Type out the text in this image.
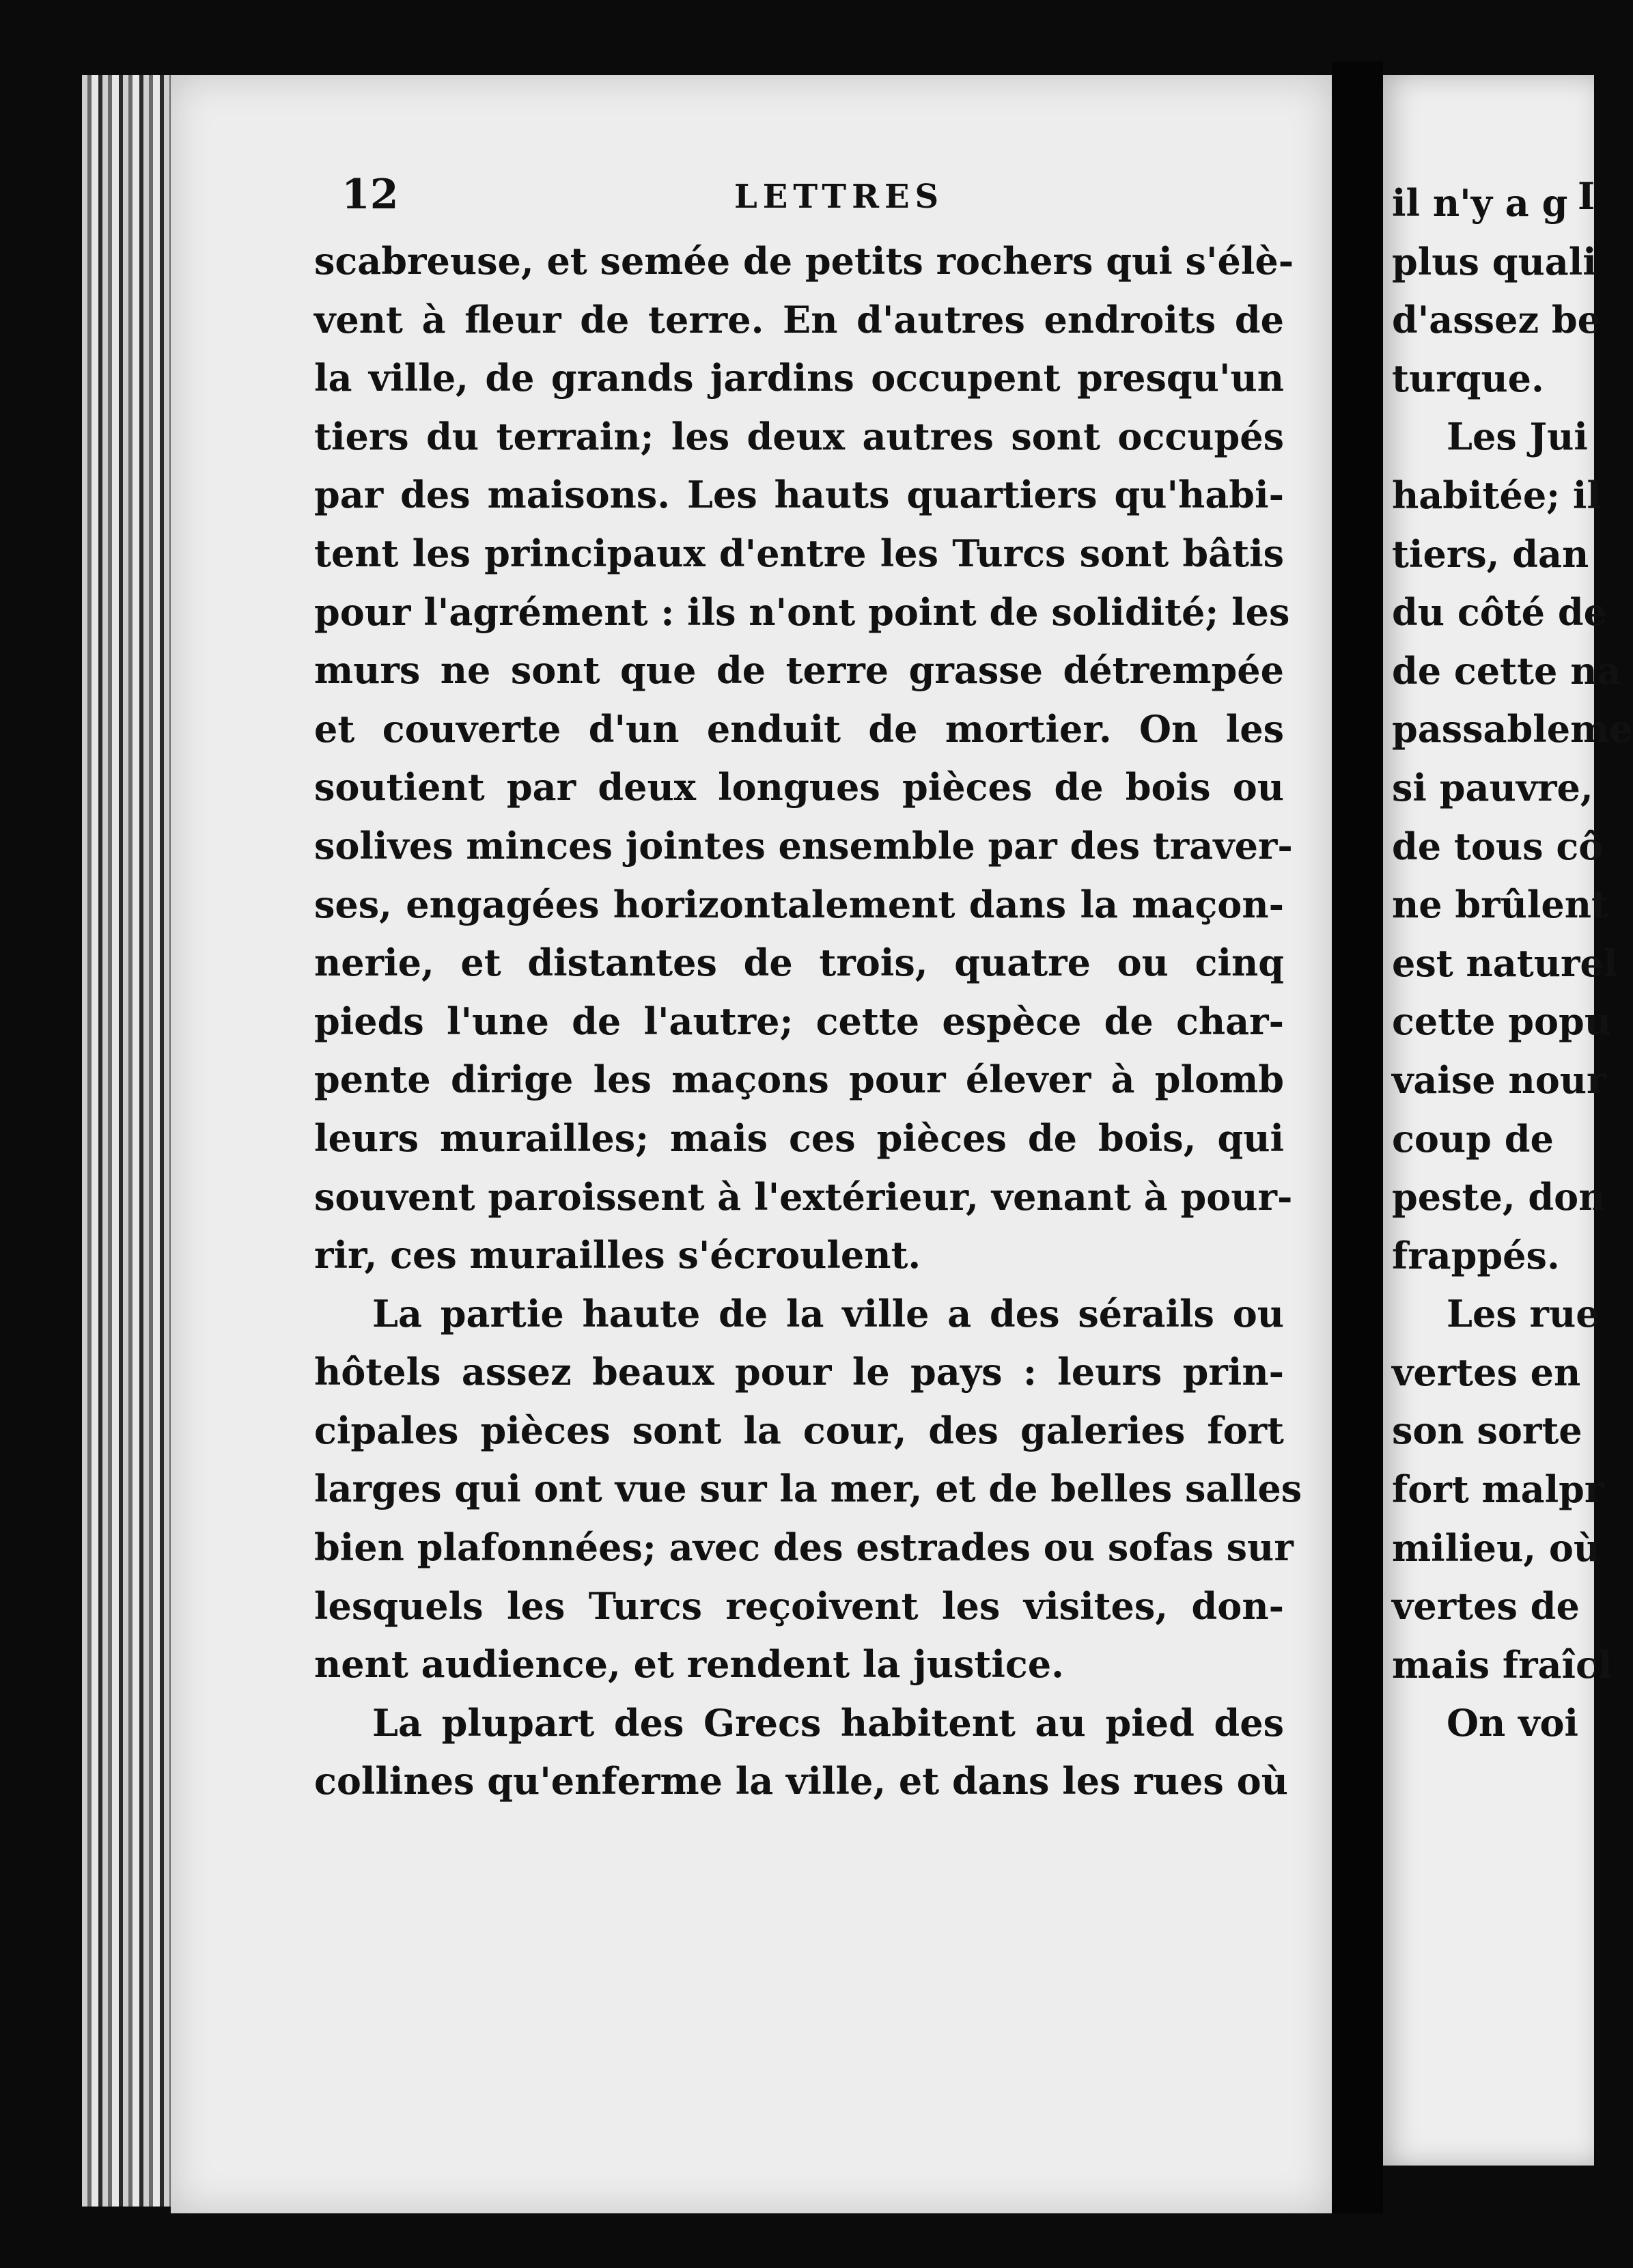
12	LETTRES
scabreuse, et semée de petits rochers qui s'élè-
vent à fleur de terre. En d'autres endroits de
la ville, de grands jardins occupent presqu'un
tiers du terrain; les deux autres sont occupés
par des maisons. Les hauts quartiers qu'habi-
tent les principaux d'entre les Turcs sont bâtis
pour l'agrément : ils n'ont point de solidité; les
murs ne sont que de terre grasse détrempée
et couverte d'un enduit de mortier. On les
soutient par deux longues pièces de bois ou
solives minces jointes ensemble par des traver-
ses, engagées horizontalement dans la maçon-
nerie, et distantes de trois, quatre ou cinq
pieds l'une de l'autre; cette espèce de char-
pente dirige les maçons pour élever à plomb
leurs murailles; mais ces pièces de bois, qui
souvent paroissent à l'extérieur, venant à pour-
rir, ces murailles s'écroulent.
La partie haute de la ville a des sérails ou
hôtels assez beaux pour le pays : leurs prin-
cipales pièces sont la cour, des galeries fort
larges qui ont vue sur la mer, et de belles salles
bien plafonnées; avec des estrades ou sofas sur
lesquels les Turcs reçoivent les visites, don-
nent audience, et rendent la justice.
La plupart des Grecs habitent au pied des
collines qu'enferme la ville, et dans les rues où
I
il n'y a g
plus quali
d'assez be
turque.
Les Jui
habitée; il
tiers, dan
du côté de
de cette na
passableme
si pauvre,
de tous cô
ne brûlent
est naturel
cette popu
vaise nour
coup de
peste, don
frappés.
Les rue
vertes en
son sorte
fort malpr
milieu, où
vertes de
mais fraîcl
On voi
